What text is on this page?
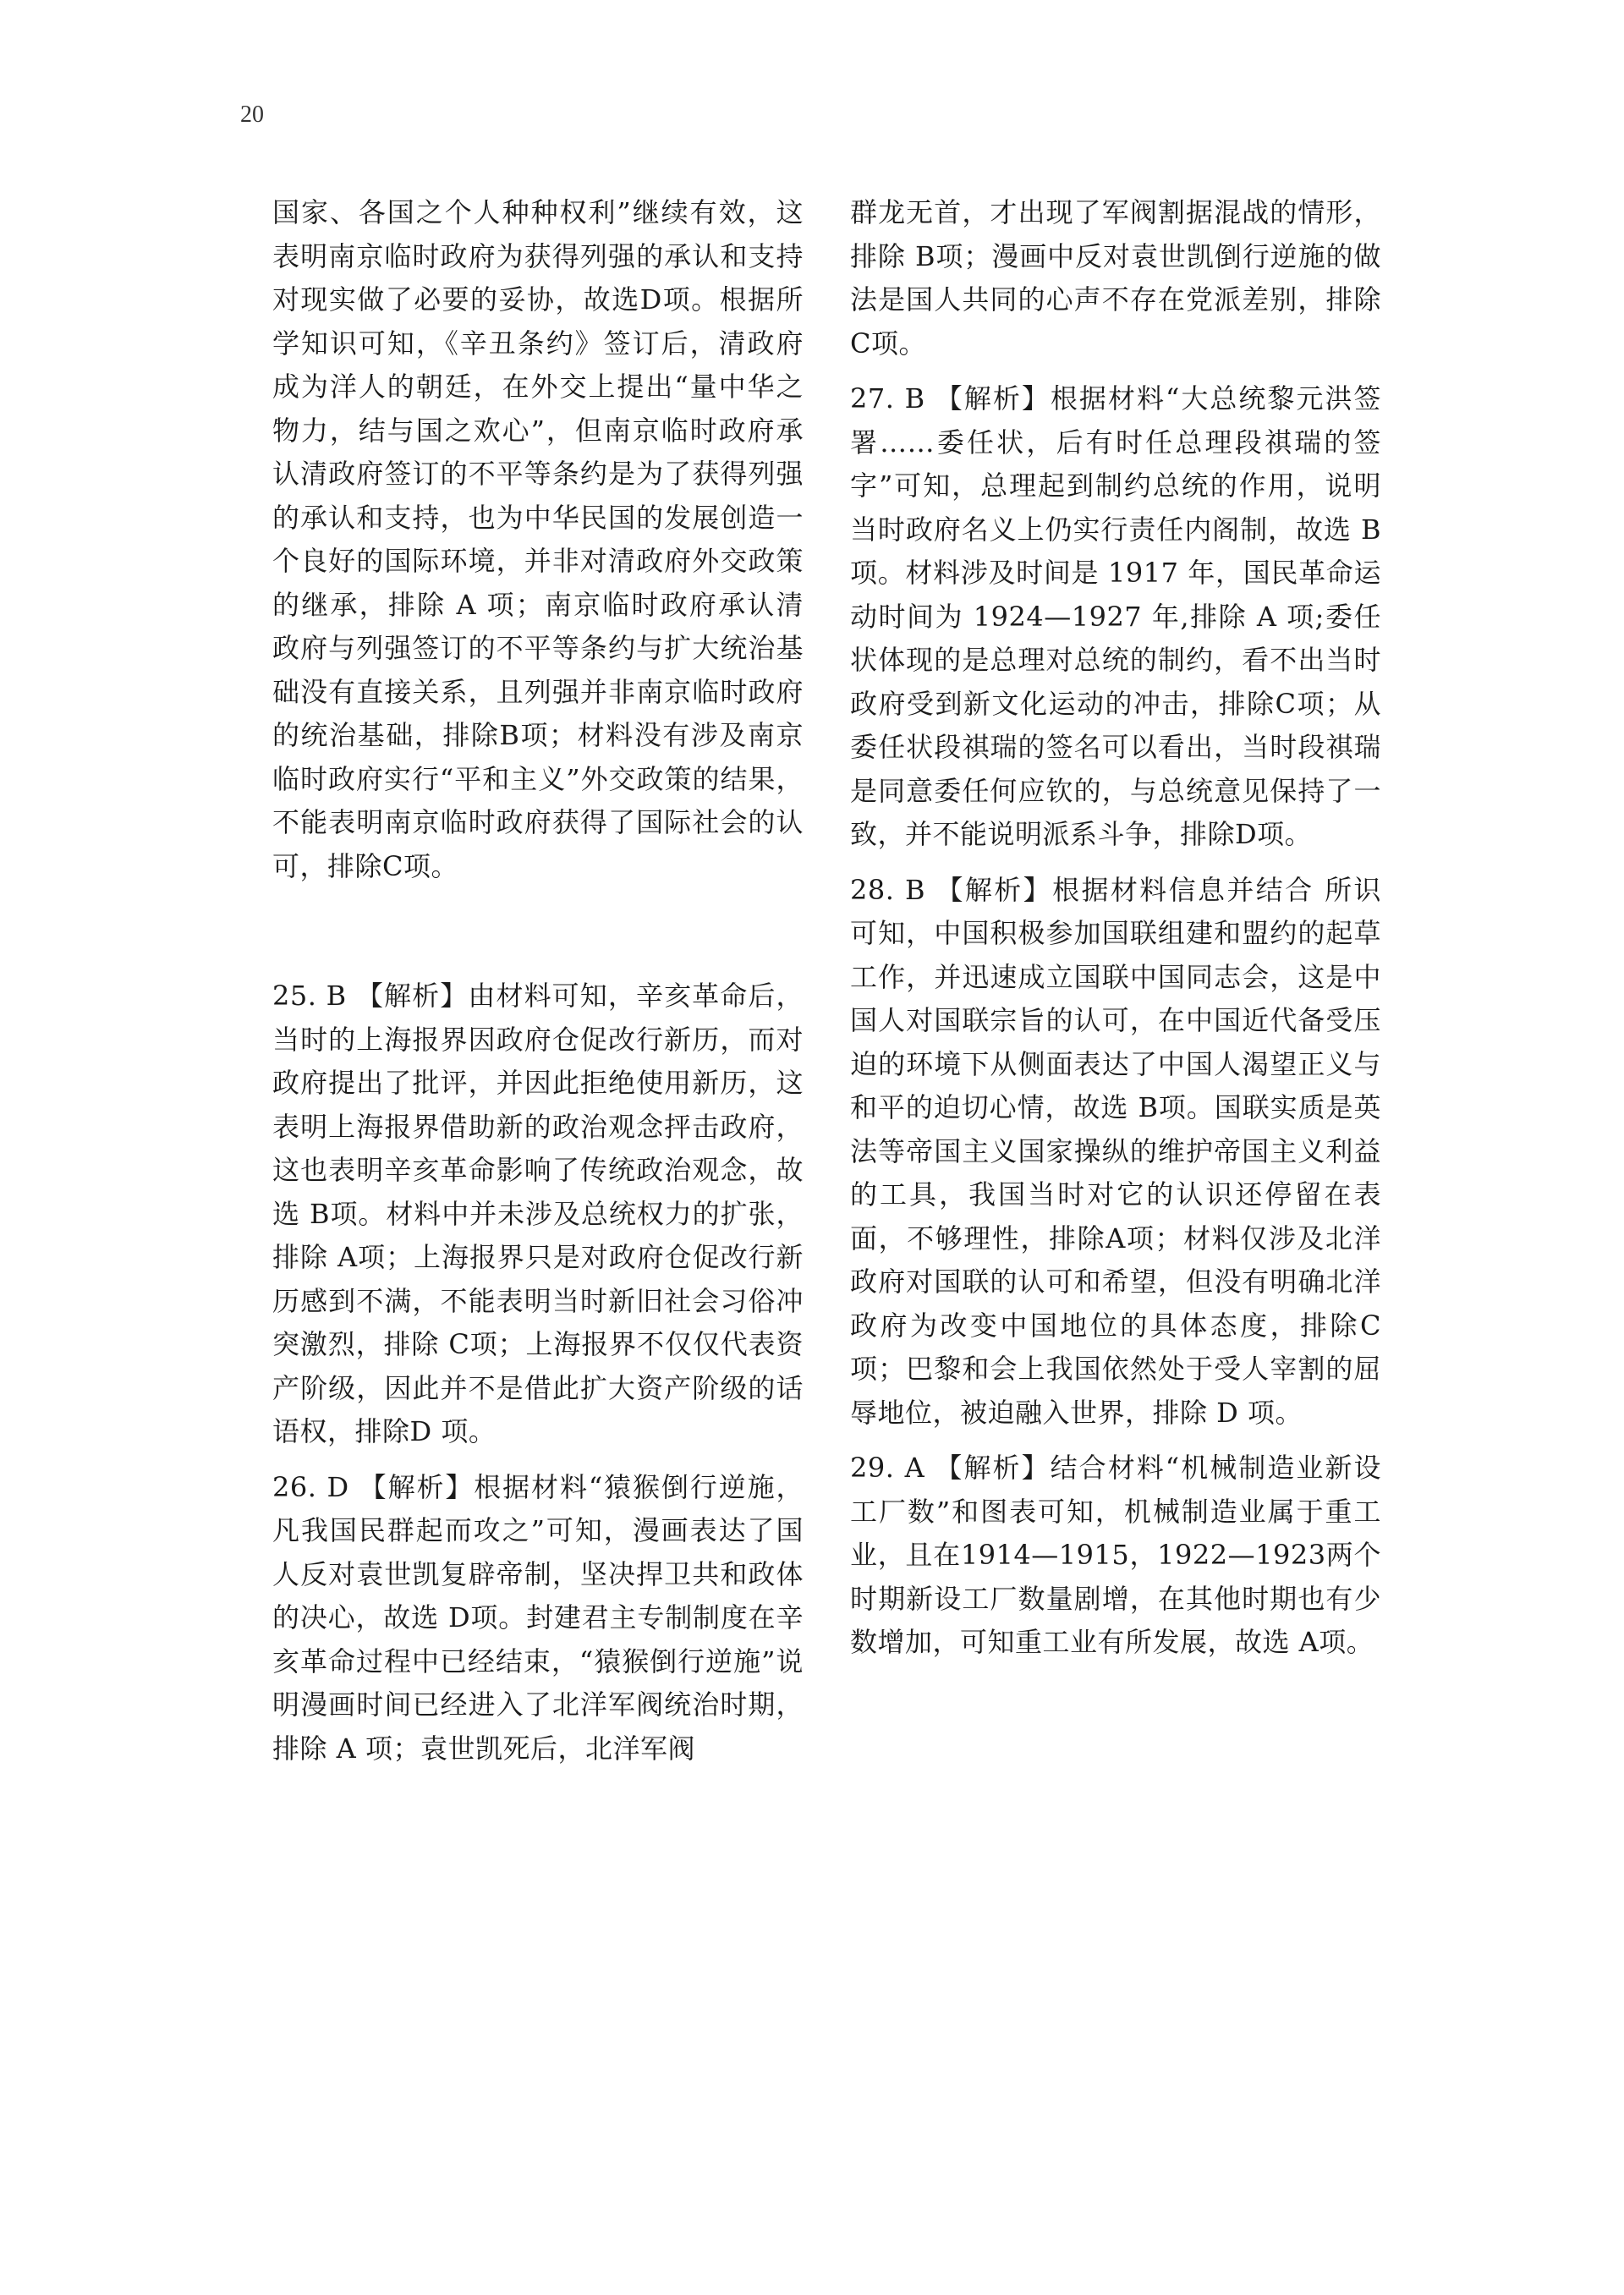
20

国家、各国之个人种种权利”继续有效，这表明南京临时政府为获得列强的承认和支持对现实做了必要的妥协，故选D项。根据所学知识可知，《辛丑条约》签订后，清政府成为洋人的朝廷，在外交上提出“量中华之物力，结与国之欢心”，但南京临时政府承认清政府签订的不平等条约是为了获得列强的承认和支持，也为中华民国的发展创造一个良好的国际环境，并非对清政府外交政策的继承，排除 A 项；南京临时政府承认清政府与列强签订的不平等条约与扩大统治基础没有直接关系，且列强并非南京临时政府的统治基础，排除B项；材料没有涉及南京临时政府实行“平和主义”外交政策的结果，不能表明南京临时政府获得了国际社会的认可，排除C项。

25. B 【解析】由材料可知，辛亥革命后，当时的上海报界因政府仓促改行新历，而对政府提出了批评，并因此拒绝使用新历，这表明上海报界借助新的政治观念抨击政府，这也表明辛亥革命影响了传统政治观念，故选 B项。材料中并未涉及总统权力的扩张，排除 A项；上海报界只是对政府仓促改行新历感到不满，不能表明当时新旧社会习俗冲突激烈，排除 C项；上海报界不仅仅代表资产阶级，因此并不是借此扩大资产阶级的话语权，排除D 项。

26. D 【解析】根据材料“猿猴倒行逆施，凡我国民群起而攻之”可知，漫画表达了国人反对袁世凯复辟帝制，坚决捍卫共和政体的决心，故选 D项。封建君主专制制度在辛亥革命过程中已经结束，“猿猴倒行逆施”说明漫画时间已经进入了北洋军阀统治时期，排除 A 项；袁世凯死后，北洋军阀

群龙无首，才出现了军阀割据混战的情形，排除 B项；漫画中反对袁世凯倒行逆施的做法是国人共同的心声不存在党派差别，排除C项。

27. B 【解析】根据材料“大总统黎元洪签署……委任状，后有时任总理段祺瑞的签字”可知，总理起到制约总统的作用，说明当时政府名义上仍实行责任内阁制，故选 B项。材料涉及时间是 1917 年，国民革命运动时间为 1924—1927 年,排除 A 项;委任状体现的是总理对总统的制约，看不出当时政府受到新文化运动的冲击，排除C项；从委任状段祺瑞的签名可以看出，当时段祺瑞是同意委任何应钦的，与总统意见保持了一致，并不能说明派系斗争，排除D项。

28. B 【解析】根据材料信息并结合 所识可知，中国积极参加国联组建和盟约的起草工作，并迅速成立国联中国同志会，这是中国人对国联宗旨的认可，在中国近代备受压迫的环境下从侧面表达了中国人渴望正义与和平的迫切心情，故选 B项。国联实质是英法等帝国主义国家操纵的维护帝国主义利益的工具，我国当时对它的认识还停留在表面，不够理性，排除A项；材料仅涉及北洋政府对国联的认可和希望，但没有明确北洋政府为改变中国地位的具体态度，排除C项；巴黎和会上我国依然处于受人宰割的屈辱地位，被迫融入世界，排除 D 项。

29. A 【解析】结合材料“机械制造业新设工厂数”和图表可知，机械制造业属于重工业，且在1914—1915，1922—1923两个时期新设工厂数量剧增，在其他时期也有少数增加，可知重工业有所发展，故选 A项。
